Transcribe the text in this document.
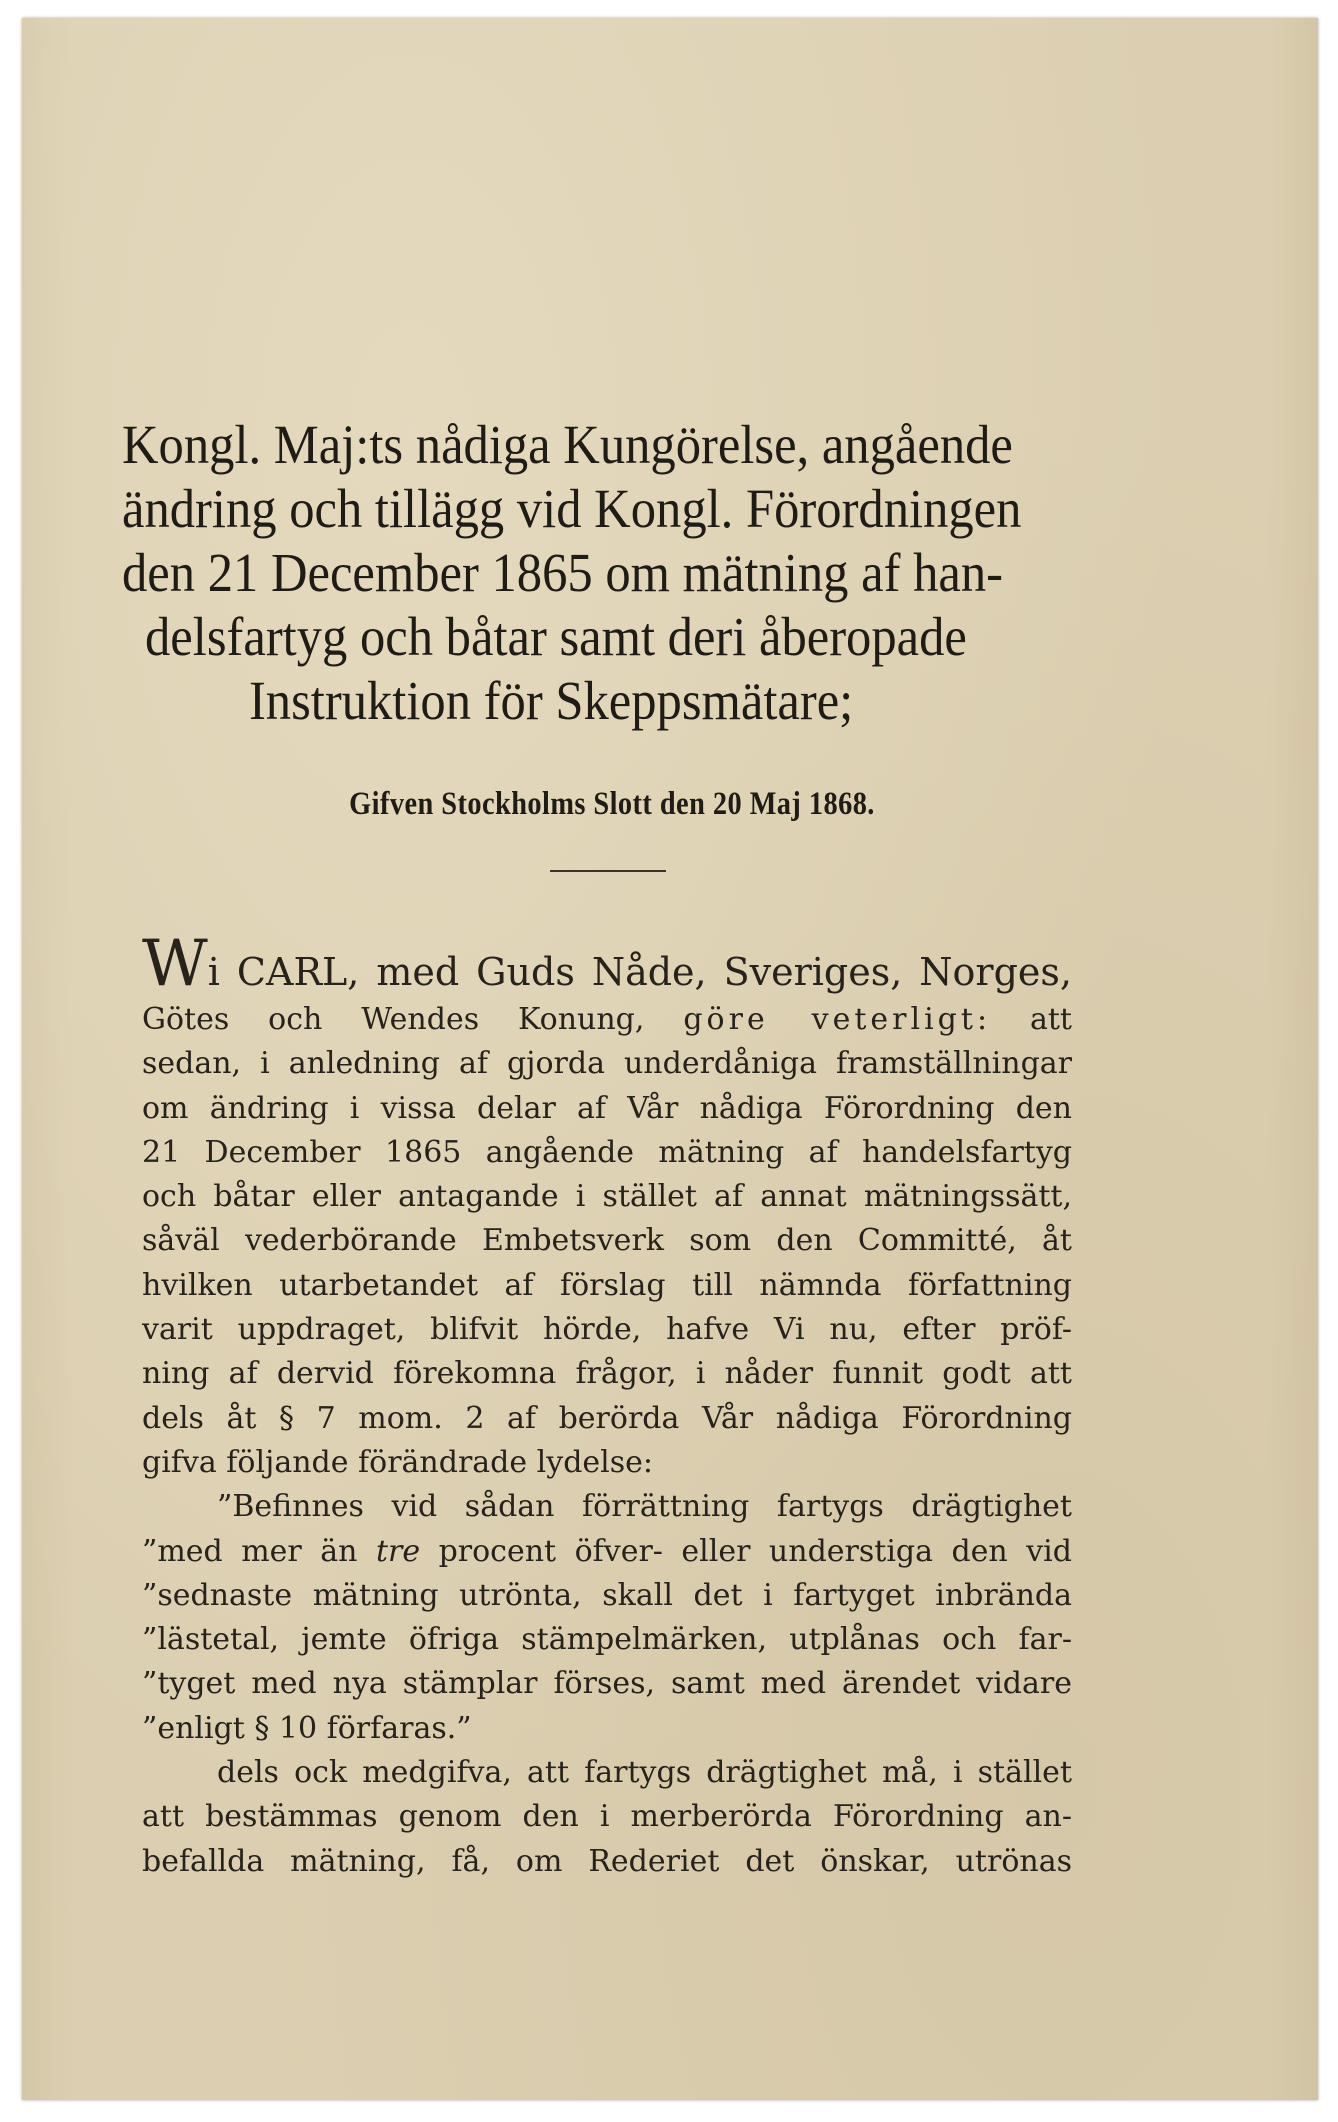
Kongl. Maj:ts nådiga Kungörelse, angående
ändring och tillägg vid Kongl. Förordningen
den 21 December 1865 om mätning af han-
delsfartyg och båtar samt deri åberopade
Instruktion för Skeppsmätare;
Gifven Stockholms Slott den 20 Maj 1868.
Wi CARL, med Guds Nåde, Sveriges, Norges,
Götes och Wendes Konung, göre veterligt: att
sedan, i anledning af gjorda underdåniga framställningar
om ändring i vissa delar af Vår nådiga Förordning den
21 December 1865 angående mätning af handelsfartyg
och båtar eller antagande i stället af annat mätningssätt,
såväl vederbörande Embetsverk som den Committé, åt
hvilken utarbetandet af förslag till nämnda författning
varit uppdraget, blifvit hörde, hafve Vi nu, efter pröf-
ning af dervid förekomna frågor, i nåder funnit godt att
dels åt § 7 mom. 2 af berörda Vår nådiga Förordning
gifva följande förändrade lydelse:
”Befinnes vid sådan förrättning fartygs drägtighet
”med mer än tre procent öfver- eller understiga den vid
”sednaste mätning utrönta, skall det i fartyget inbrända
”lästetal, jemte öfriga stämpelmärken, utplånas och far-
”tyget med nya stämplar förses, samt med ärendet vidare
”enligt § 10 förfaras.”
dels ock medgifva, att fartygs drägtighet må, i stället
att bestämmas genom den i merberörda Förordning an-
befallda mätning, få, om Rederiet det önskar, utrönas
